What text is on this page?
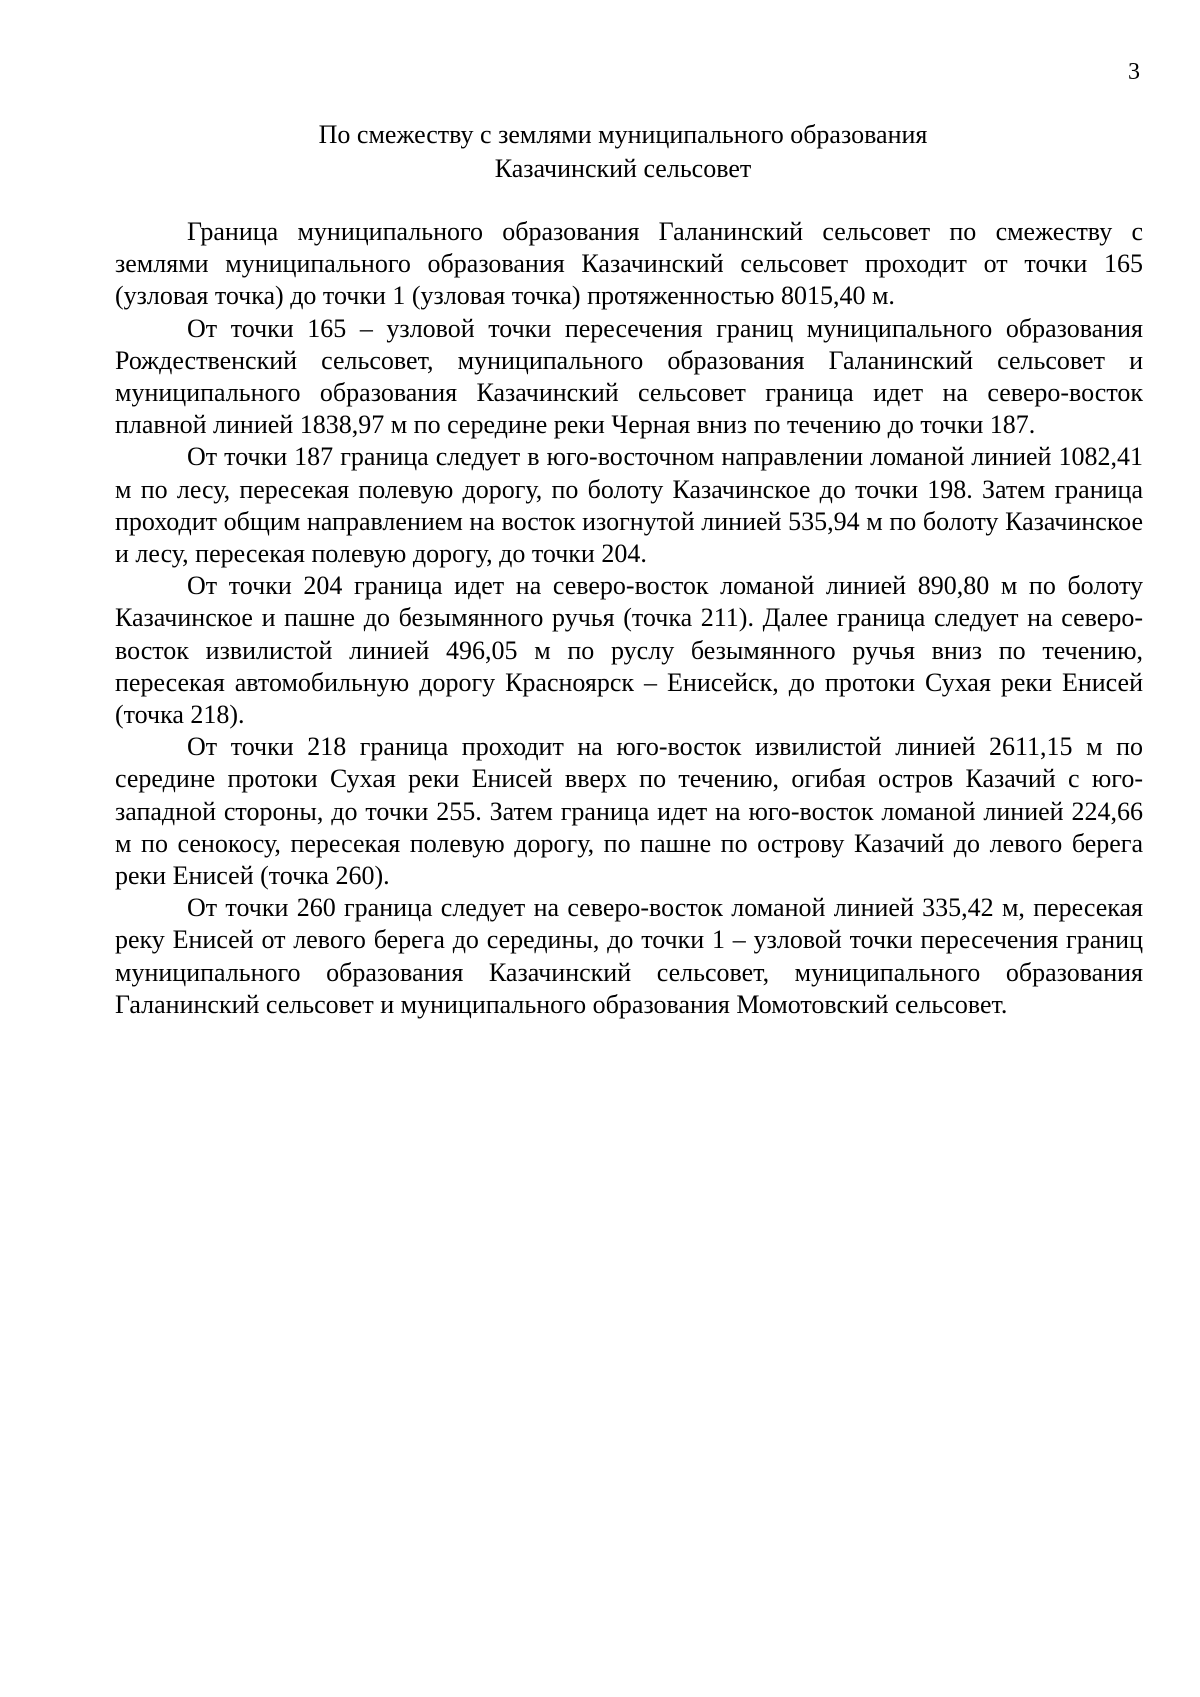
3
По смежеству с землями муниципального образования
Казачинский сельсовет

Граница муниципального образования Галанинский сельсовет по смежеству с землями муниципального образования Казачинский сельсовет проходит от точки 165 (узловая точка) до точки 1 (узловая точка) протяженностью 8015,40 м.

От точки 165 – узловой точки пересечения границ муниципального образования Рождественский сельсовет, муниципального образования Галанинский сельсовет и муниципального образования Казачинский сельсовет граница идет на северо-восток плавной линией 1838,97 м по середине реки Черная вниз по течению до точки 187.

От точки 187 граница следует в юго-восточном направлении ломаной линией 1082,41 м по лесу, пересекая полевую дорогу, по болоту Казачинское до точки 198. Затем граница проходит общим направлением на восток изогнутой линией 535,94 м по болоту Казачинское и лесу, пересекая полевую дорогу, до точки 204.

От точки 204 граница идет на северо-восток ломаной линией 890,80 м по болоту Казачинское и пашне до безымянного ручья (точка 211). Далее граница следует на северо-восток извилистой линией 496,05 м по руслу безымянного ручья вниз по течению, пересекая автомобильную дорогу Красноярск – Енисейск, до протоки Сухая реки Енисей (точка 218).

От точки 218 граница проходит на юго-восток извилистой линией 2611,15 м по середине протоки Сухая реки Енисей вверх по течению, огибая остров Казачий с юго-западной стороны, до точки 255. Затем граница идет на юго-восток ломаной линией 224,66 м по сенокосу, пересекая полевую дорогу, по пашне по острову Казачий до левого берега реки Енисей (точка 260).

От точки 260 граница следует на северо-восток ломаной линией 335,42 м, пересекая реку Енисей от левого берега до середины, до точки 1 – узловой точки пересечения границ муниципального образования Казачинский сельсовет, муниципального образования Галанинский сельсовет и муниципального образования Момотовский сельсовет.
